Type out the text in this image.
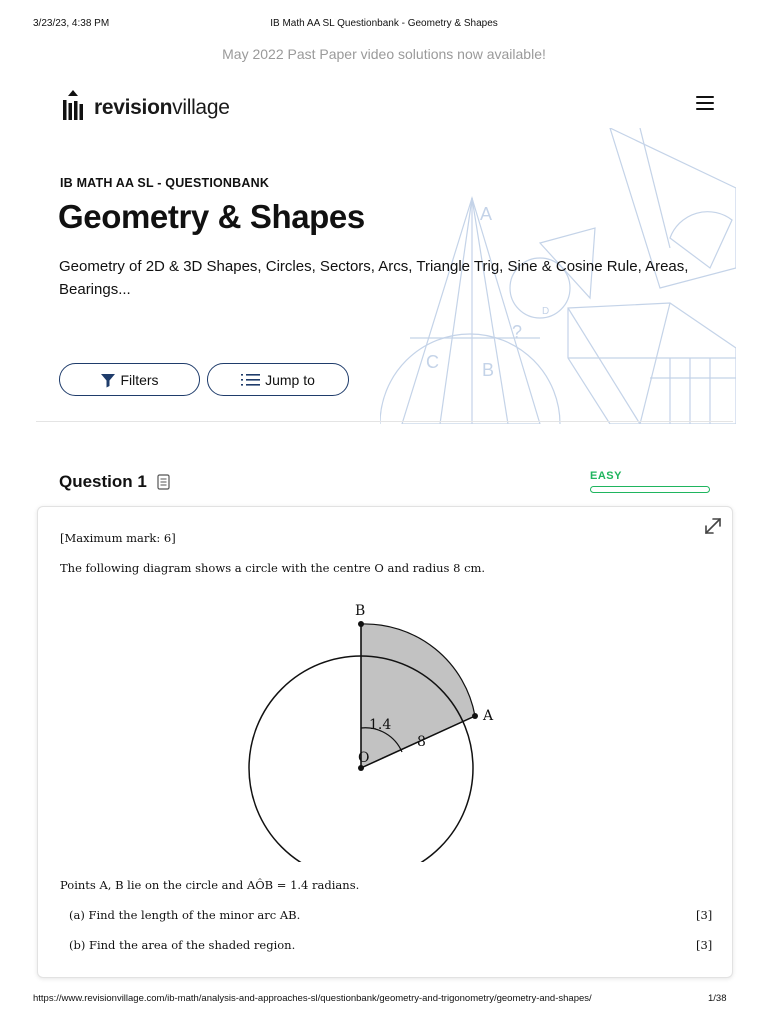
3/23/23, 4:38 PM	IB Math AA SL Questionbank - Geometry & Shapes
May 2022 Past Paper video solutions now available!
revisionvillage
A
C B
?
D
IB MATH AA SL - QUESTIONBANK
Geometry & Shapes
Geometry of 2D & 3D Shapes, Circles, Sectors, Arcs, Triangle Trig, Sine & Cosine Rule, Areas, Bearings...
Filters	Jump to
Question 1	EASY
[Maximum mark: 6]
The following diagram shows a circle with the centre O and radius 8 cm.
B
A
O
1.4
8
Points A, B lie on the circle and AÔB = 1.4 radians.
(a) Find the length of the minor arc AB.	[3]
(b) Find the area of the shaded region.	[3]
https://www.revisionvillage.com/ib-math/analysis-and-approaches-sl/questionbank/geometry-and-trigonometry/geometry-and-shapes/	1/38
